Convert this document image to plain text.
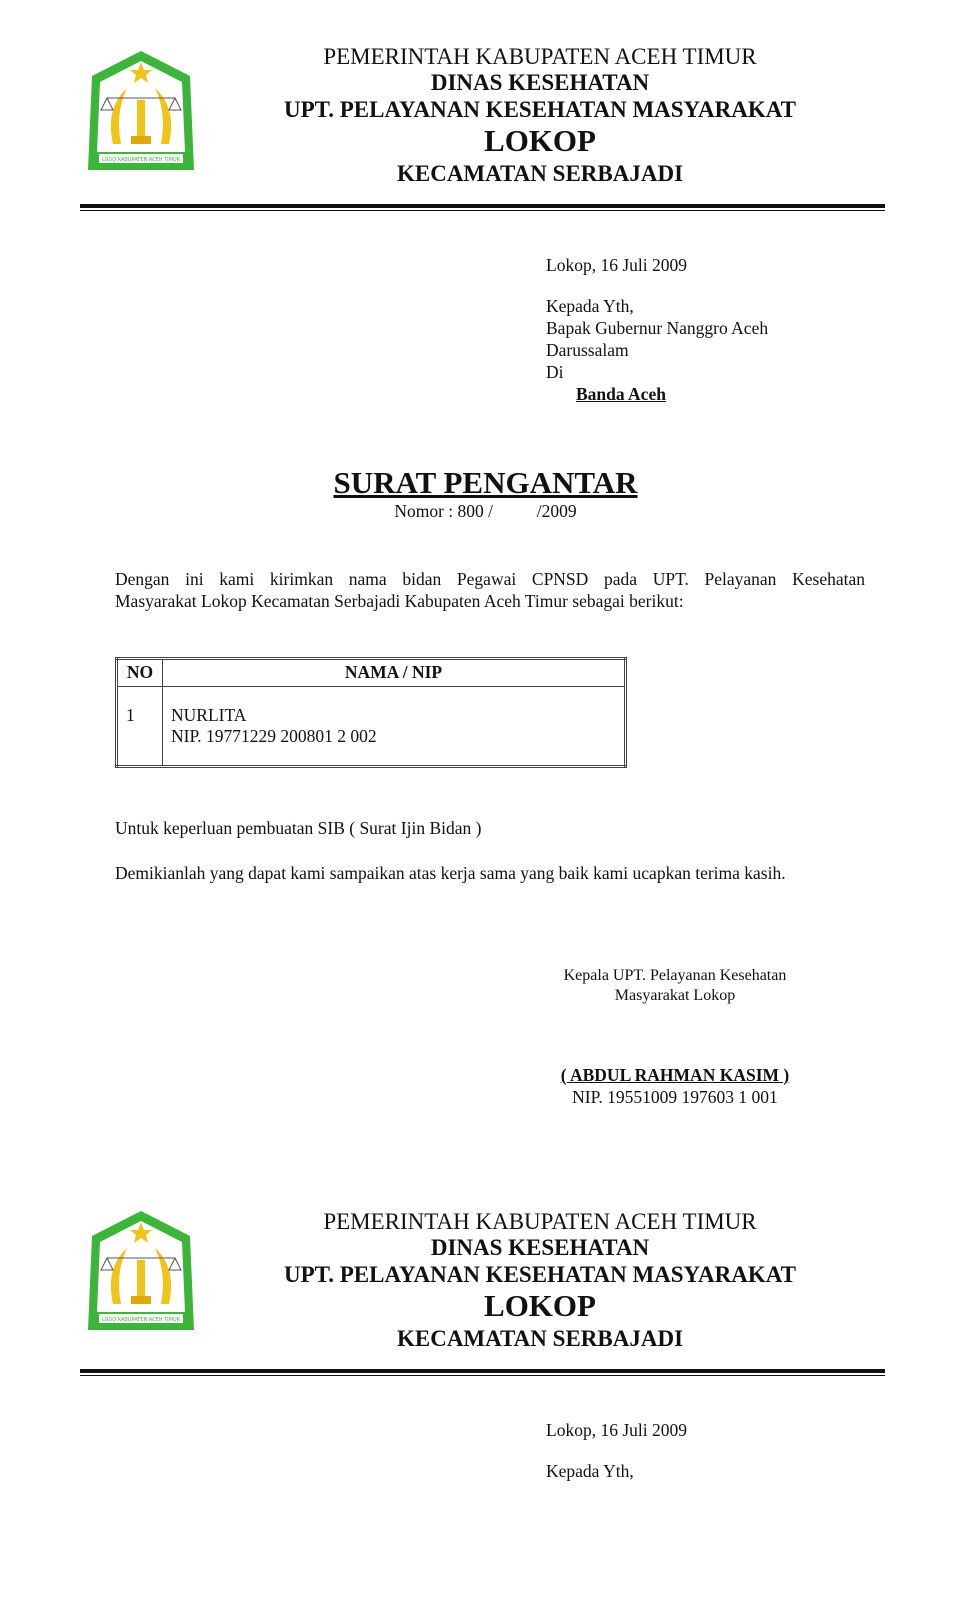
LOGO KABUPATEN ACEH TIMUR
PEMERINTAH KABUPATEN ACEH TIMUR
DINAS KESEHATAN
UPT. PELAYANAN KESEHATAN MASYARAKAT
LOKOP
KECAMATAN SERBAJADI
Lokop, 16 Juli 2009
Kepada Yth,
Bapak Gubernur Nanggro Aceh
Darussalam
Di
Banda Aceh
SURAT PENGANTAR
Nomor : 800 /          /2009
Dengan ini kami kirimkan nama bidan Pegawai CPNSD pada UPT. Pelayanan Kesehatan
Masyarakat Lokop Kecamatan Serbajadi Kabupaten Aceh Timur sebagai berikut:
NO	NAMA / NIP
1	NURLITA
NIP. 19771229 200801 2 002
Untuk keperluan pembuatan SIB ( Surat Ijin Bidan )
Demikianlah yang dapat kami sampaikan atas kerja sama yang baik kami ucapkan terima kasih.
Kepala UPT. Pelayanan Kesehatan
Masyarakat Lokop
( ABDUL RAHMAN KASIM )
NIP. 19551009 197603 1 001
LOGO KABUPATEN ACEH TIMUR
PEMERINTAH KABUPATEN ACEH TIMUR
DINAS KESEHATAN
UPT. PELAYANAN KESEHATAN MASYARAKAT
LOKOP
KECAMATAN SERBAJADI
Lokop, 16 Juli 2009
Kepada Yth,
